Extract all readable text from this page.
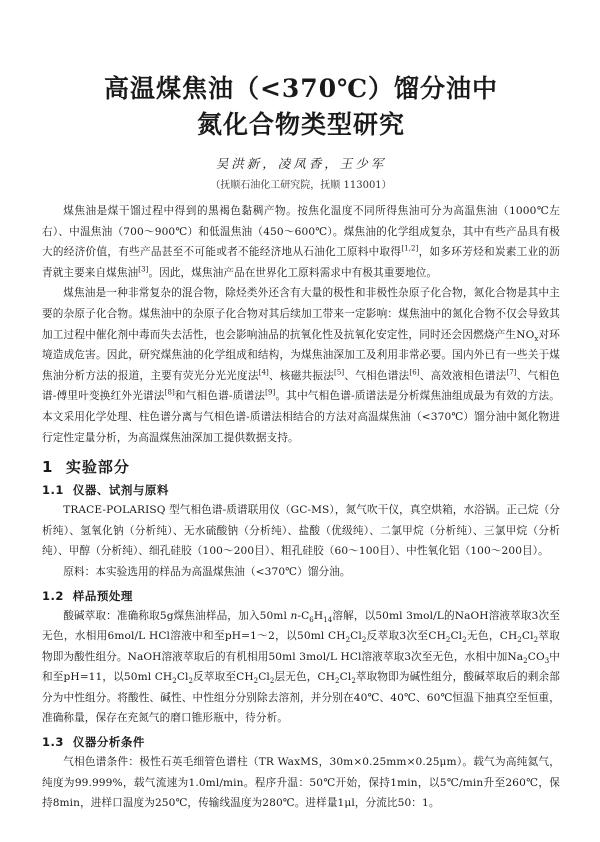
高温煤焦油（<370℃）馏分油中
氮化合物类型研究
吴洪新，凌凤香，王少军
（抚顺石油化工研究院，抚顺 113001）

煤焦油是煤干馏过程中得到的黑褐色黏稠产物。按焦化温度不同所得焦油可分为高温焦油（1000℃左右）、中温焦油（700～900℃）和低温焦油（450～600℃）。煤焦油的化学组成复杂，其中有些产品具有极大的经济价值，有些产品甚至不可能或者不能经济地从石油化工原料中取得[1,2]，如多环芳烃和炭素工业的沥青就主要来自煤焦油[3]。因此，煤焦油产品在世界化工原料需求中有极其重要地位。

煤焦油是一种非常复杂的混合物，除烃类外还含有大量的极性和非极性杂原子化合物，氮化合物是其中主要的杂原子化合物。煤焦油中的杂原子化合物对其后续加工带来一定影响：煤焦油中的氮化合物不仅会导致其加工过程中催化剂中毒而失去活性，也会影响油品的抗氧化性及抗氧化安定性，同时还会因燃烧产生$NO_x$对环境造成危害。因此，研究煤焦油的化学组成和结构，为煤焦油深加工及利用非常必要。国内外已有一些关于煤焦油分析方法的报道，主要有荧光分光光度法[4]、核磁共振法[5]、气相色谱法[6]、高效液相色谱法[7]、气相色谱-傅里叶变换红外光谱法[8]和气相色谱-质谱法[9]。其中气相色谱-质谱法是分析煤焦油组成最为有效的方法。本文采用化学处理、柱色谱分离与气相色谱-质谱法相结合的方法对高温煤焦油（<370℃）馏分油中氮化物进行定性定量分析，为高温煤焦油深加工提供数据支持。

1 实验部分
1.1 仪器、试剂与原料

TRACE-POLARISQ 型气相色谱-质谱联用仪（GC-MS），氮气吹干仪，真空烘箱，水浴锅。正己烷（分析纯）、氢氧化钠（分析纯）、无水硫酸钠（分析纯）、盐酸（优级纯）、二氯甲烷（分析纯）、三氯甲烷（分析纯）、甲醇（分析纯）、细孔硅胶（100～200目）、粗孔硅胶（60～100目）、中性氧化铝（100～200目）。

原料：本实验选用的样品为高温煤焦油（<370℃）馏分油。

1.2 样品预处理

酸碱萃取：准确称取5g煤焦油样品，加入50ml $n-C_6H_{14}$溶解，以50ml 3mol/L的NaOH溶液萃取3次至无色，水相用6mol/L HCl溶液中和至pH=1～2，以50ml $CH_2Cl_2$反萃取3次至$CH_2Cl_2$无色，$CH_2Cl_2$萃取物即为酸性组分。NaOH溶液萃取后的有机相用50ml 3mol/L HCl溶液萃取3次至无色，水相中加$Na_2CO_3$中和至pH=11，以50ml $CH_2Cl_2$反萃取至$CH_2Cl_2$层无色，$CH_2Cl_2$萃取物即为碱性组分，酸碱萃取后的剩余部分为中性组分。将酸性、碱性、中性组分分别除去溶剂，并分别在40℃、40℃、60℃恒温下抽真空至恒重，准确称量，保存在充氮气的磨口锥形瓶中，待分析。

1.3 仪器分析条件

气相色谱条件：极性石英毛细管色谱柱（TR WaxMS，30m×0.25mm×0.25μm）。载气为高纯氦气，纯度为99.999%，载气流速为1.0ml/min。程序升温：50℃开始，保持1min，以5℃/min升至260℃，保持8min，进样口温度为250℃，传输线温度为280℃。进样量1μl，分流比50：1。
